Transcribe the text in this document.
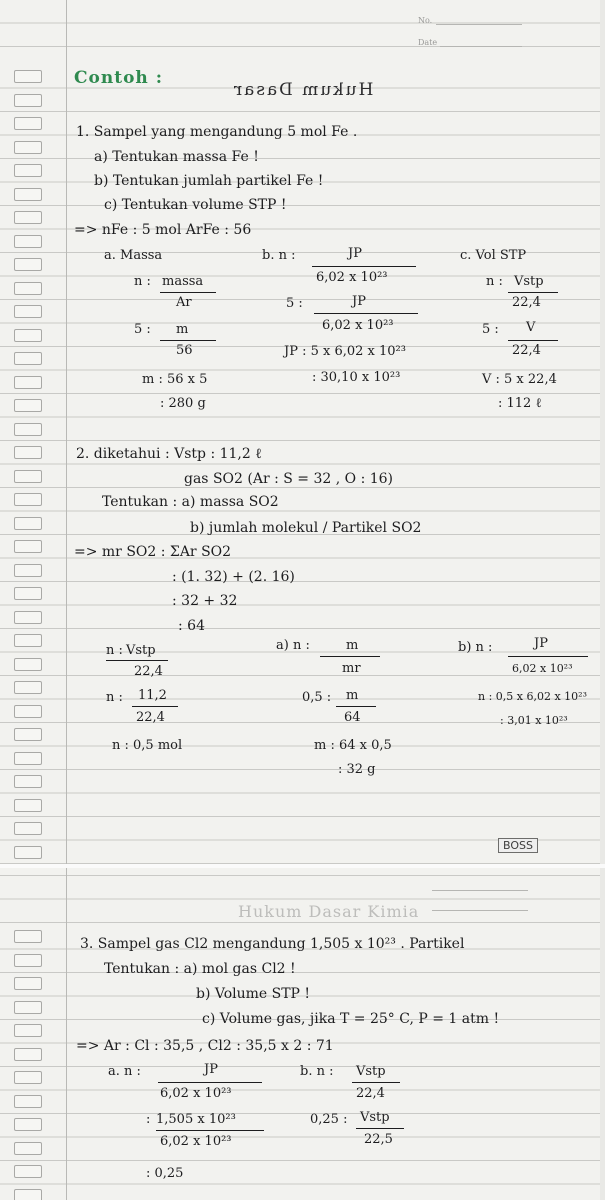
No.
Date
Contoh :
Hukum Dasar
1. Sampel yang mengandung 5 mol Fe .
a) Tentukan massa Fe !
b) Tentukan jumlah partikel Fe !
c) Tentukan volume STP !
=> nFe : 5 mol ArFe : 56
a. Massa
n : massa
Ar
5 : m
56
m : 56 x 5
: 280 g
b. n :	JP
6,02 x 10²³
5 :	JP
6,02 x 10²³
JP : 5 x 6,02 x 10²³
: 30,10 x 10²³
c. Vol STP
n : Vstp
22,4
5 : V
22,4
V : 5 x 22,4
: 112 ℓ
2. diketahui : Vstp : 11,2 ℓ
gas SO2 (Ar : S = 32 , O : 16)
Tentukan : a) massa SO2
b) jumlah molekul / Partikel SO2
=> mr SO2 : ΣAr SO2
: (1. 32) + (2. 16)
: 32 + 32
: 64
n : Vstp
22,4
n : 11,2
22,4
n : 0,5 mol
a) n :	m
mr
0,5 : m
64
m : 64 x 0,5
: 32 g
b) n :	JP
6,02 x 10²³
n : 0,5 x 6,02 x 10²³
: 3,01 x 10²³
BOSS
Hukum Dasar Kimia
3. Sampel gas Cl2 mengandung 1,505 x 10²³ . Partikel
Tentukan : a) mol gas Cl2 !
b) Volume STP !
c) Volume gas, jika T = 25° C, P = 1 atm !
=> Ar : Cl : 35,5 , Cl2 : 35,5 x 2 : 71
a. n :	JP
6,02 x 10²³
: 1,505 x 10²³
6,02 x 10²³
: 0,25
b. n : Vstp
22,4
0,25 : Vstp
22,5
